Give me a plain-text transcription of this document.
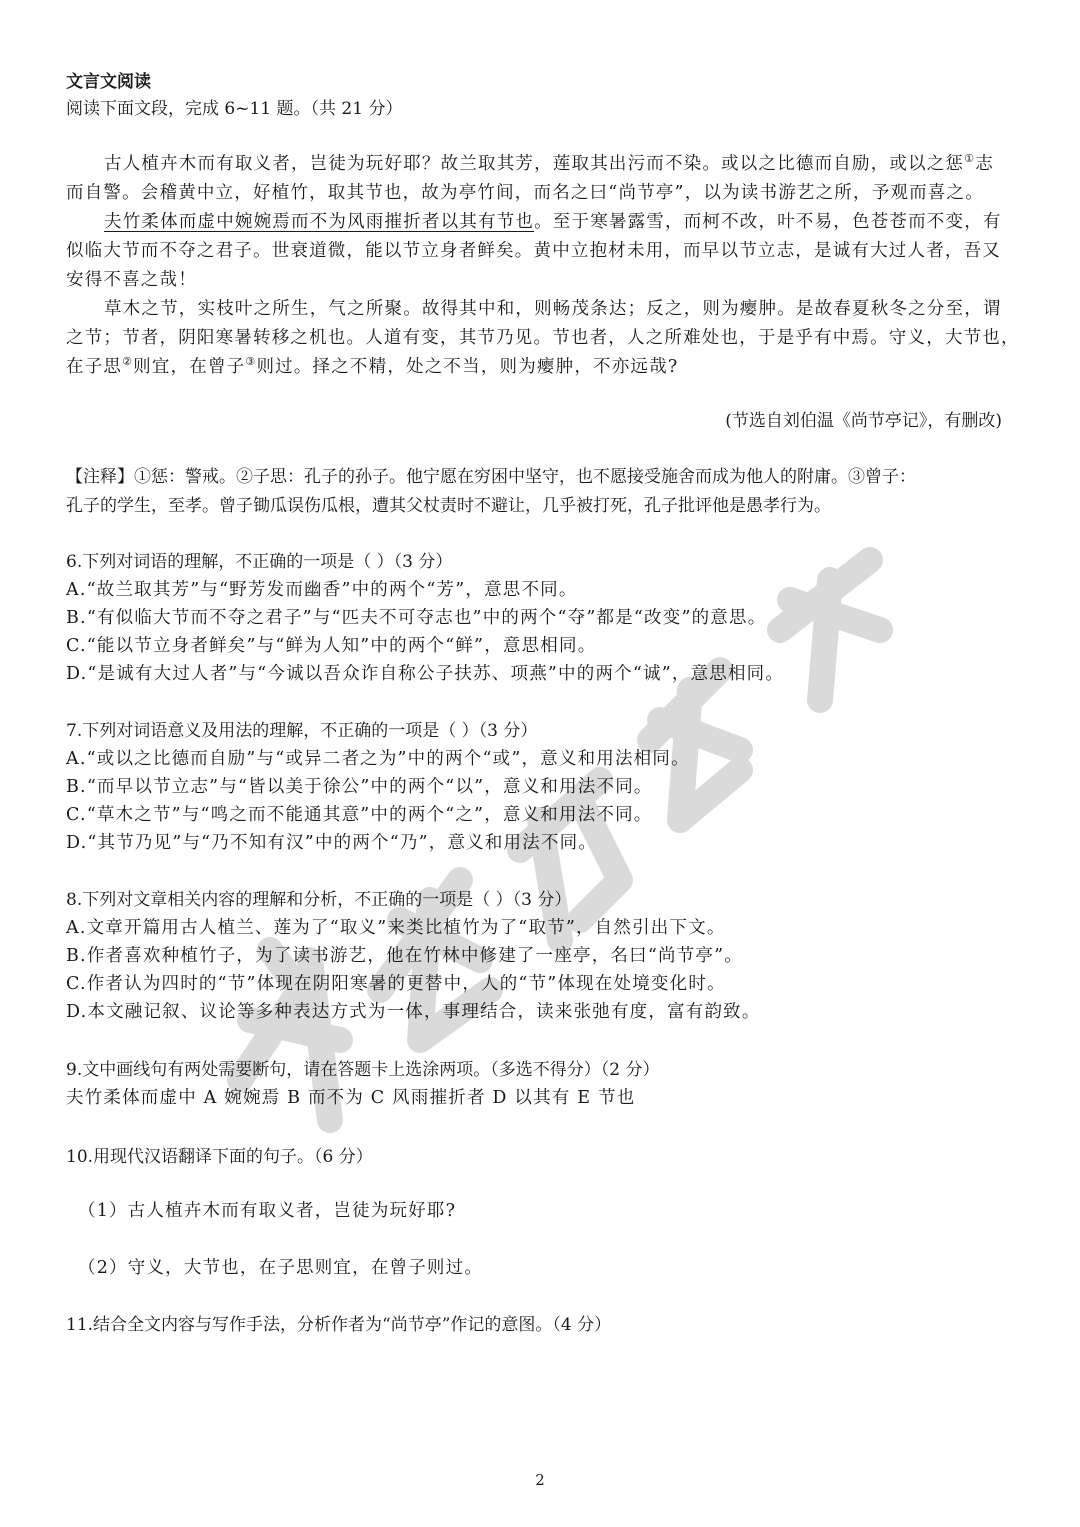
文言文阅读
阅读下面文段，完成 6~11 题。（共 21 分）
古人植卉木而有取义者，岂徒为玩好耶？故兰取其芳，莲取其出污而不染。或以之比德而自励，或以之惩①志
而自警。会稽黄中立，好植竹，取其节也，故为亭竹间，而名之曰“尚节亭”，以为读书游艺之所，予观而喜之。
夫竹柔体而虚中婉婉焉而不为风雨摧折者以其有节也。至于寒暑露雪，而柯不改，叶不易，色苍苍而不变，有
似临大节而不夺之君子。世衰道微，能以节立身者鲜矣。黄中立抱材未用，而早以节立志，是诚有大过人者，吾又
安得不喜之哉！
草木之节，实枝叶之所生，气之所聚。故得其中和，则畅茂条达；反之，则为瘿肿。是故春夏秋冬之分至，谓
之节；节者，阴阳寒暑转移之机也。人道有变，其节乃见。节也者，人之所难处也，于是乎有中焉。守义，大节也，
在子思②则宜，在曾子③则过。择之不精，处之不当，则为瘿肿，不亦远哉?
(节选自刘伯温《尚节亭记》，有删改)
【注释】①惩：警戒。②子思：孔子的孙子。他宁愿在穷困中坚守，也不愿接受施舍而成为他人的附庸。③曾子：
孔子的学生，至孝。曾子锄瓜误伤瓜根，遭其父杖责时不避让，几乎被打死，孔子批评他是愚孝行为。
6.下列对词语的理解，不正确的一项是（ ）（3 分）
A.“故兰取其芳”与“野芳发而幽香”中的两个“芳”，意思不同。
B.“有似临大节而不夺之君子”与“匹夫不可夺志也”中的两个“夺”都是“改变”的意思。
C.“能以节立身者鲜矣”与“鲜为人知”中的两个“鲜”，意思相同。
D.“是诚有大过人者”与“今诚以吾众诈自称公子扶苏、项燕”中的两个“诚”，意思相同。
7.下列对词语意义及用法的理解，不正确的一项是（ ）（3 分）
A.“或以之比德而自励”与“或异二者之为”中的两个“或”，意义和用法相同。
B.“而早以节立志”与“皆以美于徐公”中的两个“以”，意义和用法不同。
C.“草木之节”与“鸣之而不能通其意”中的两个“之”，意义和用法不同。
D.“其节乃见”与“乃不知有汉”中的两个“乃”，意义和用法不同。
8.下列对文章相关内容的理解和分析，不正确的一项是（ ）（3 分）
A.文章开篇用古人植兰、莲为了“取义”来类比植竹为了“取节”，自然引出下文。
B.作者喜欢种植竹子，为了读书游艺，他在竹林中修建了一座亭，名曰“尚节亭”。
C.作者认为四时的“节”体现在阴阳寒暑的更替中，人的“节”体现在处境变化时。
D.本文融记叙、议论等多种表达方式为一体，事理结合，读来张弛有度，富有韵致。
9.文中画线句有两处需要断句，请在答题卡上选涂两项。（多选不得分）（2 分）
夫竹柔体而虚中 A 婉婉焉 B 而不为 C 风雨摧折者 D 以其有 E 节也
10.用现代汉语翻译下面的句子。（6 分）
（1）古人植卉木而有取义者，岂徒为玩好耶?
（2）守义，大节也，在子思则宜，在曾子则过。
11.结合全文内容与写作手法，分析作者为“尚节亭”作记的意图。（4 分）
2
